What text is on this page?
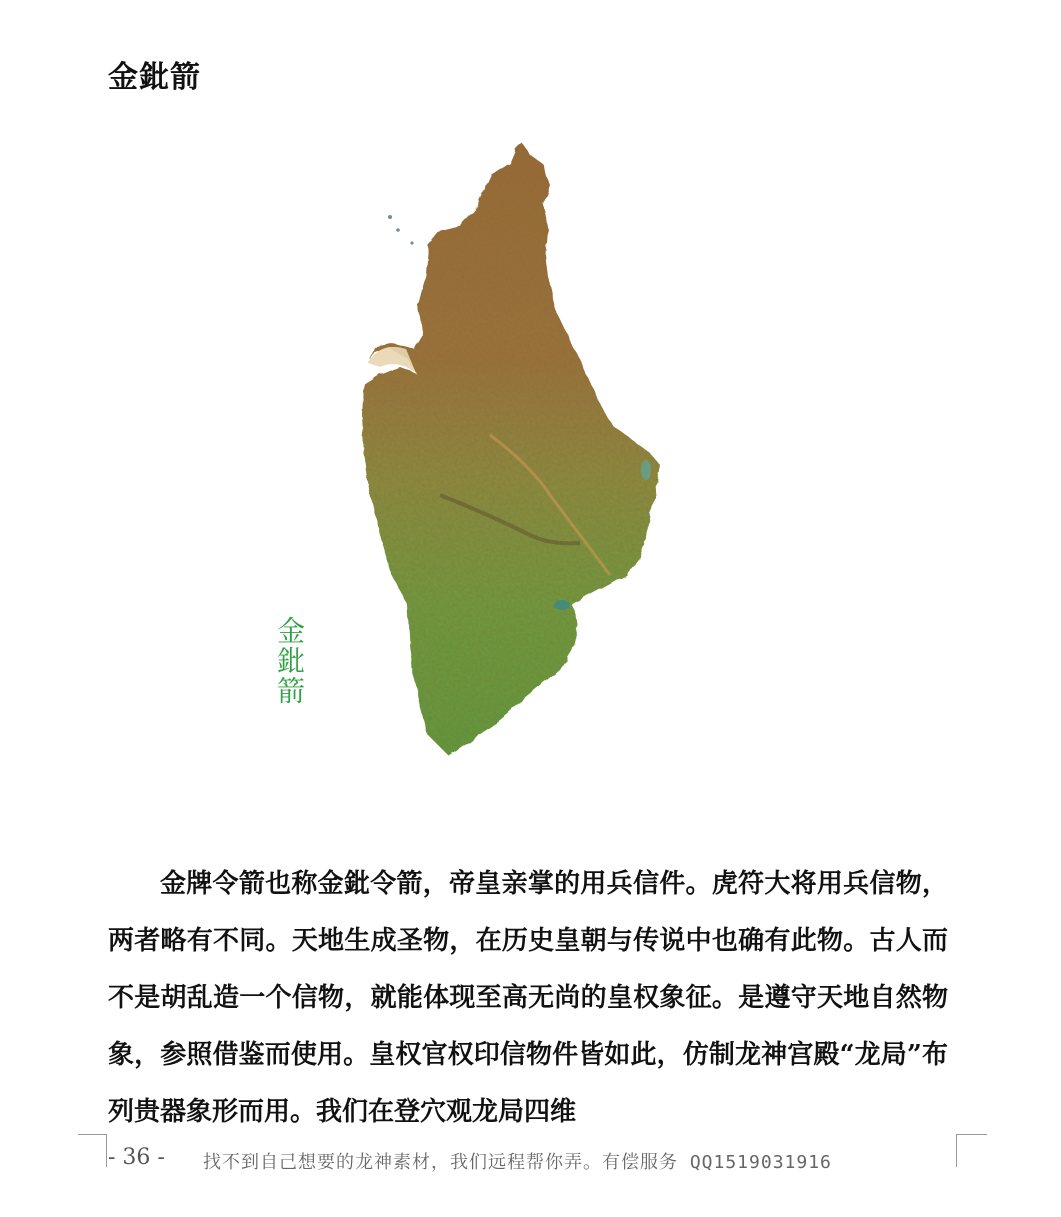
金鈚箭
金鈚箭

金牌令箭也称金鈚令箭，帝皇亲掌的用兵信件。虎符大将用兵信物，两者略有不同。天地生成圣物，在历史皇朝与传说中也确有此物。古人而不是胡乱造一个信物，就能体现至高无尚的皇权象征。是遵守天地自然物象，参照借鉴而使用。皇权官权印信物件皆如此，仿制龙神宫殿“龙局”布列贵器象形而用。我们在登穴观龙局四维

- 36 - 找不到自己想要的龙神素材，我们远程帮你弄。有偿服务 QQ1519031916
